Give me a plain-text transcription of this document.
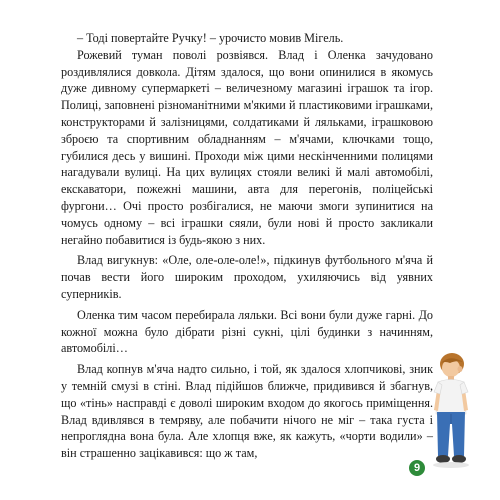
– Тоді повертайте Ручку! – урочисто мовив Мігель.

Рожевий туман поволі розвіявся. Влад і Оленка зачудовано роздивлялися довкола. Дітям здалося, що вони опинилися в якомусь дуже дивному супермаркеті – величезному магазині іграшок та ігор. Полиці, заповнені різноманітними м'якими й пластиковими іграшками, конструкторами й залізницями, солдатиками й ляльками, іграшковою зброєю та спортивним обладнанням – м'ячами, ключками тощо, губилися десь у вишині. Проходи між цими нескінченними полицями нагадували вулиці. На цих вулицях стояли великі й малі автомобілі, екскаватори, пожежні машини, авта для перегонів, поліцейські фургони… Очі просто розбігалися, не маючи змоги зупинитися на чомусь одному – всі іграшки сяяли, були нові й просто закликали негайно побавитися із будь-якою з них.

Влад вигукнув: «Оле, оле-оле-оле!», підкинув футбольного м'яча й почав вести його широким проходом, ухиляючись від уявних суперників.

Оленка тим часом перебирала ляльки. Всі вони були дуже гарні. До кожної можна було дібрати різні сукні, цілі будинки з начинням, автомобілі…

Влад копнув м'яча надто сильно, і той, як здалося хлопчикові, зник у темній смузі в стіні. Влад підійшов ближче, придивився й збагнув, що «тінь» насправді є доволі широким входом до якогось приміщення. Влад вдивлявся в темряву, але побачити нічого не міг – така густа і непроглядна вона була. Але хлопця вже, як кажуть, «чорти водили» – він страшенно зацікавився: що ж там,

9
